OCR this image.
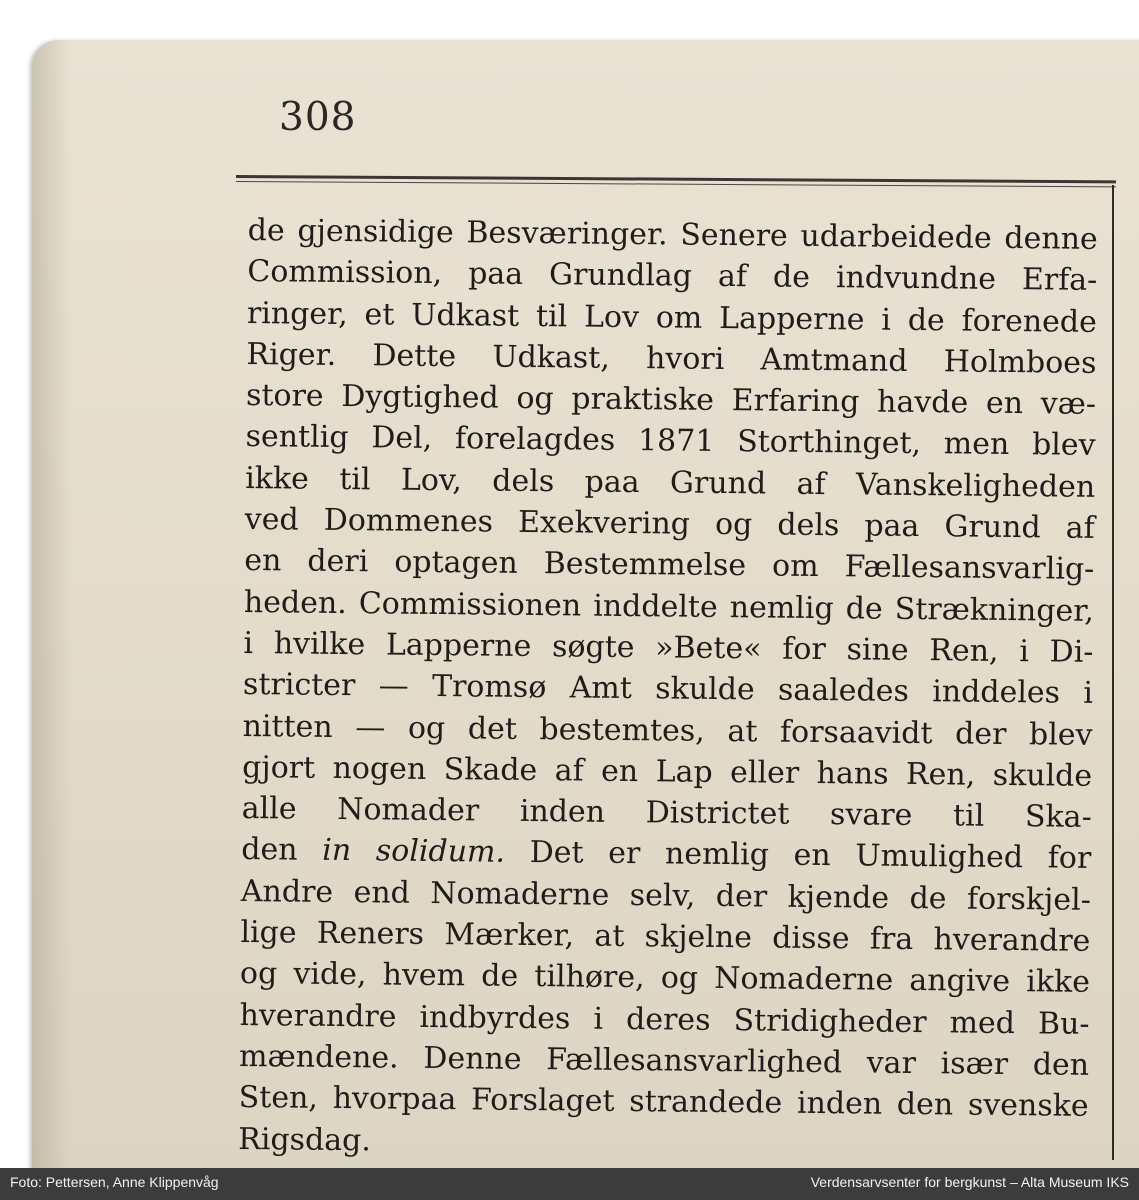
308
de gjensidige Besværinger. Senere udarbeidede denne
Commission, paa Grundlag af de indvundne Erfa-
ringer, et Udkast til Lov om Lapperne i de forenede
Riger. Dette Udkast, hvori Amtmand Holmboes
store Dygtighed og praktiske Erfaring havde en væ-
sentlig Del, forelagdes 1871 Storthinget, men blev
ikke til Lov, dels paa Grund af Vanskeligheden
ved Dommenes Exekvering og dels paa Grund af
en deri optagen Bestemmelse om Fællesansvarlig-
heden. Commissionen inddelte nemlig de Strækninger,
i hvilke Lapperne søgte »Bete« for sine Ren, i Di-
stricter — Tromsø Amt skulde saaledes inddeles i
nitten — og det bestemtes, at forsaavidt der blev
gjort nogen Skade af en Lap eller hans Ren, skulde
alle Nomader inden Districtet svare til Ska-
den in solidum. Det er nemlig en Umulighed for
Andre end Nomaderne selv, der kjende de forskjel-
lige Reners Mærker, at skjelne disse fra hverandre
og vide, hvem de tilhøre, og Nomaderne angive ikke
hverandre indbyrdes i deres Stridigheder med Bu-
mændene. Denne Fællesansvarlighed var især den
Sten, hvorpaa Forslaget strandede inden den svenske
Rigsdag.
Foto: Pettersen, Anne Klippenvåg	Verdensarvsenter for bergkunst – Alta Museum IKS
